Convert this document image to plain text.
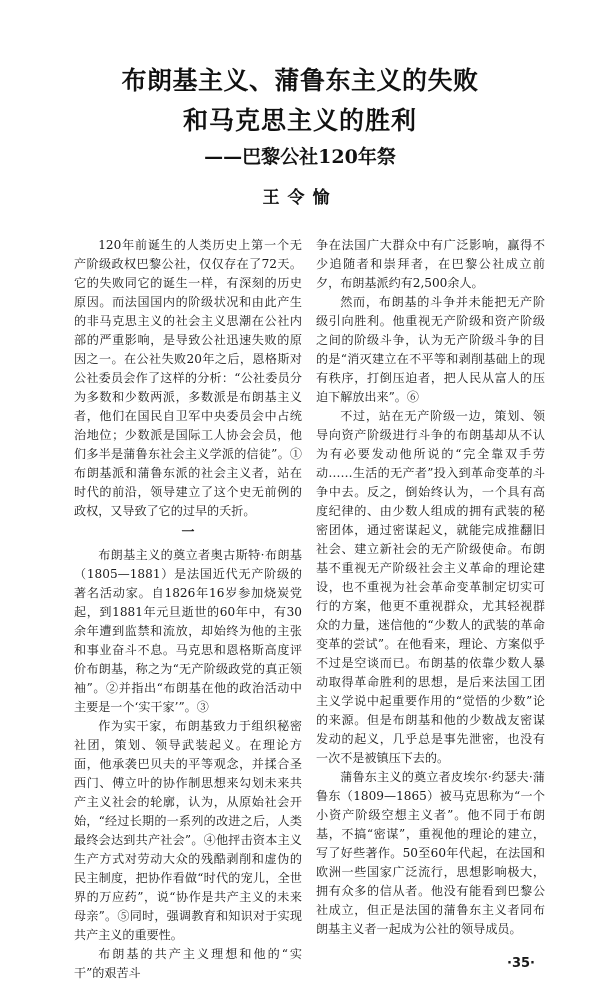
布朗基主义、蒲鲁东主义的失败
和马克思主义的胜利
——巴黎公社120年祭
王令愉

120年前诞生的人类历史上第一个无产阶级政权巴黎公社，仅仅存在了72天。它的失败同它的诞生一样，有深刻的历史原因。而法国国内的阶级状况和由此产生的非马克思主义的社会主义思潮在公社内部的严重影响，是导致公社迅速失败的原因之一。在公社失败20年之后，恩格斯对公社委员会作了这样的分析：“公社委员分为多数和少数两派，多数派是布朗基主义者，他们在国民自卫军中央委员会中占统治地位；少数派是国际工人协会会员，他们多半是蒲鲁东社会主义学派的信徒”。①布朗基派和蒲鲁东派的社会主义者，站在时代的前沿，领导建立了这个史无前例的政权，又导致了它的过早的夭折。

一

布朗基主义的奠立者奥古斯特·布朗基（1805—1881）是法国近代无产阶级的著名活动家。自1826年16岁参加烧炭党起，到1881年元旦逝世的60年中，有30余年遭到监禁和流放，却始终为他的主张和事业奋斗不息。马克思和恩格斯高度评价布朗基，称之为“无产阶级政党的真正领袖”。②并指出“布朗基在他的政治活动中主要是一个‘实干家’”。③

作为实干家，布朗基致力于组织秘密社团，策划、领导武装起义。在理论方面，他承袭巴贝夫的平等观念，并揉合圣西门、傅立叶的协作制思想来勾划未来共产主义社会的轮廓，认为，从原始社会开始，“经过长期的一系列的改进之后，人类最终会达到共产社会”。④他抨击资本主义生产方式对劳动大众的残酷剥削和虚伪的民主制度，把协作看做“时代的宠儿，全世界的万应药”，说“协作是共产主义的未来母亲”。⑤同时，强调教育和知识对于实现共产主义的重要性。

布朗基的共产主义理想和他的“实干”的艰苦斗

争在法国广大群众中有广泛影响，赢得不少追随者和崇拜者，在巴黎公社成立前夕，布朗基派约有2,500余人。

然而，布朗基的斗争并未能把无产阶级引向胜利。他重视无产阶级和资产阶级之间的阶级斗争，认为无产阶级斗争的目的是“消灭建立在不平等和剥削基础上的现有秩序，打倒压迫者，把人民从富人的压迫下解放出来”。⑥

不过，站在无产阶级一边，策划、领导向资产阶级进行斗争的布朗基却从不认为有必要发动他所说的“完全靠双手劳动……生活的无产者”投入到革命变革的斗争中去。反之，倒始终认为，一个具有高度纪律的、由少数人组成的拥有武装的秘密团体，通过密谋起义，就能完成推翻旧社会、建立新社会的无产阶级使命。布朗基不重视无产阶级社会主义革命的理论建设，也不重视为社会革命变革制定切实可行的方案，他更不重视群众，尤其轻视群众的力量，迷信他的“少数人的武装的革命变革的尝试”。在他看来，理论、方案似乎不过是空谈而已。布朗基的依靠少数人暴动取得革命胜利的思想，是后来法国工团主义学说中起重要作用的“觉悟的少数”论的来源。但是布朗基和他的少数战友密谋发动的起义，几乎总是事先泄密，也没有一次不是被镇压下去的。

蒲鲁东主义的奠立者皮埃尔·约瑟夫·蒲鲁东（1809—1865）被马克思称为“一个小资产阶级空想主义者”。他不同于布朗基，不搞“密谋”，重视他的理论的建立，写了好些著作。50至60年代起，在法国和欧洲一些国家广泛流行，思想影响极大，拥有众多的信从者。他没有能看到巴黎公社成立，但正是法国的蒲鲁东主义者同布朗基主义者一起成为公社的领导成员。

·35·
